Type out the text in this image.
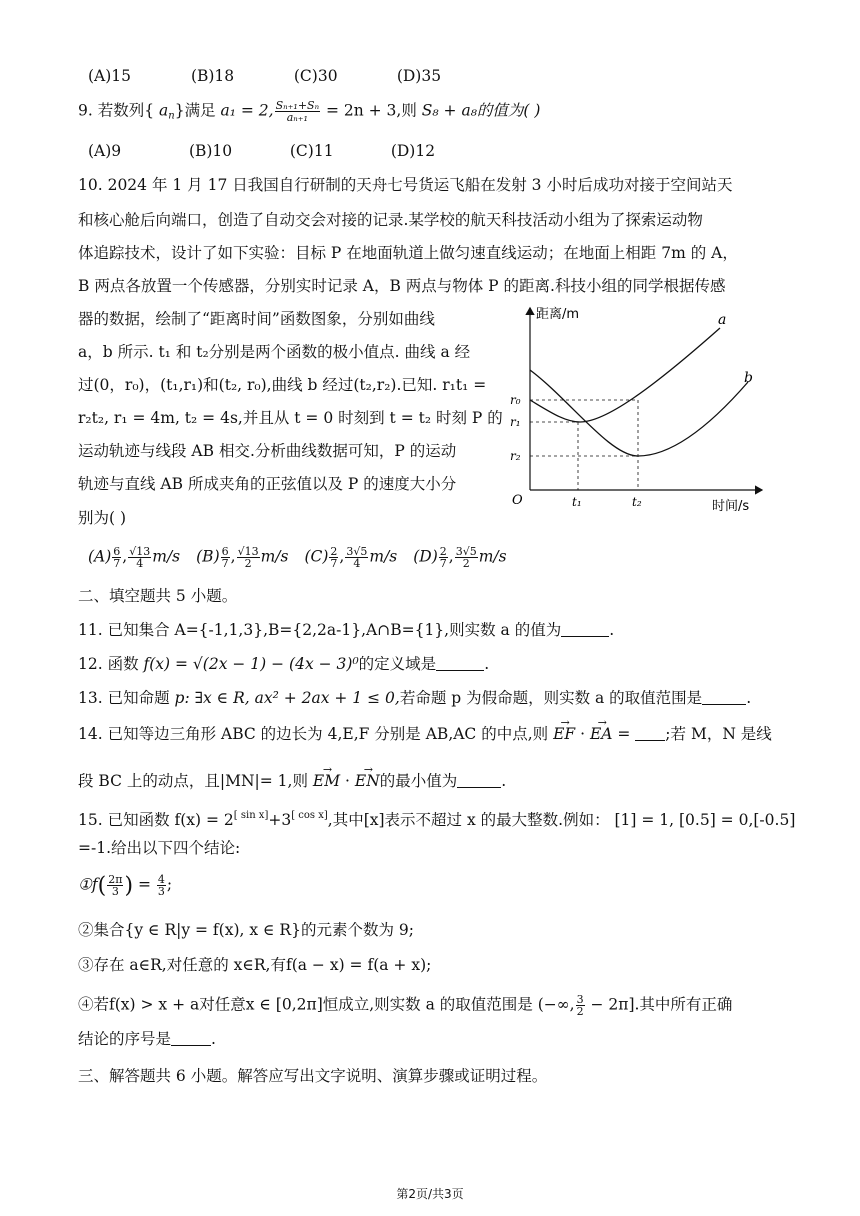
(A)15	(B)18	(C)30	(D)35
9. 若数列{ $a_n$}满足 a₁ = 2, $\frac{\text{Sₙ₊₁+Sₙ}}{\text{aₙ₊₁}} = 2n + 3$,则 S₈ + a₈的值为( )
(A)9	(B)10	(C)11	(D)12
10. 2024 年 1 月 17 日我国自行研制的天舟七号货运飞船在发射 3 小时后成功对接于空间站天
和核心舱后向端口，创造了自动交会对接的记录.某学校的航天科技活动小组为了探索运动物
体追踪技术，设计了如下实验：目标 P 在地面轨道上做匀速直线运动；在地面上相距 7m 的 A，
B 两点各放置一个传感器，分别实时记录 A，B 两点与物体 P 的距离.科技小组的同学根据传感
器的数据，绘制了“距离时间”函数图象，分别如曲线
a，b 所示. t₁ 和 t₂分别是两个函数的极小值点. 曲线 a 经
过(0，r₀)，(t₁,r₁)和(t₂, r₀),曲线 b 经过(t₂,r₂).已知. r₁t₁ =
r₂t₂, r₁ = 4m, t₂ = 4s,并且从 t = 0 时刻到 t = t₂ 时刻 P 的
运动轨迹与线段 AB 相交.分析曲线数据可知，P 的运动
轨迹与直线 AB 所成夹角的正弦值以及 P 的速度大小分
别为( )
距离/m
时间/s
O
a
b
r₀
r₁
r₂
t₁	t₂
$(A) \frac{6}{7}$ , $\frac{√13}{4} m/s$ $(B) \frac{6}{7}$ , $\frac{√13}{2} m/s$ $(C) \frac{2}{7}$ , $\frac{3√5}{4} m/s$ $(D) \frac{2}{7}$ , $\frac{3√5}{2} m/s$
二、填空题共 5 小题。
11. 已知集合 A={-1,1,3},B={2,2a-1},A∩B={1},则实数 a 的值为	.
12. 函数 f(x) = √(2x − 1) − (4x − 3)⁰的定义域是	.
13. 已知命题 p: ∃x ∈ R, ax² + 2ax + 1 ≤ 0,若命题 p 为假命题，则实数 a 的取值范围是	.
14. 已知等边三角形 ABC 的边长为 4,E,F 分别是 AB,AC 的中点,则 → EF · → EA = ;若 M，N 是线
段 BC 上的动点，且|MN|= 1,则 → EM · → EN的最小值为	.
15. 已知函数 f(x) = 2[ sin x]+3[ cos x],其中[x]表示不超过 x 的最大整数.例如： [1] = 1, [0.5] = 0,[-0.5]
=-1.给出以下四个结论:
①f( $\frac{2\pi}{3}$ ) = $\frac{4}{3}$ ;
②集合{y ∈ R|y = f(x), x ∈ R}的元素个数为 9;
③存在 a∈R,对任意的 x∈R,有f(a − x) = f(a + x);
④若f(x) > x + a对任意x ∈ [0,2π]恒成立,则实数 a 的取值范围是 (−∞, $\frac{3}{2} - 2\pi$].其中所有正确
结论的序号是	.
三、解答题共 6 小题。解答应写出文字说明、演算步骤或证明过程。
第2页/共3页
